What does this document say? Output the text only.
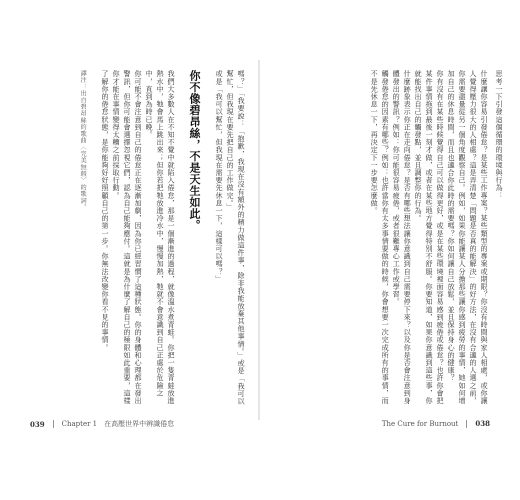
思考一下引發這個循環的環境與行為：

什麼讓你容易引發倦怠？是某些工作專案？某些類型的專案或期限？你沒有時間與家人相處，或你讓人覺得壓力很大的人相處？這是弄清楚「問題是否真的能解決」的好方法，在沒有合適的人選之前，你需要盡量從另一個角度觀察自己。例如，如果你能讓某人分擔那些讓你感到疲勞的事情，她如何增加自己的休息時間，而且也適合你此時的需要嗎？你如何讓自己放鬆，並且保持身心的健康？

你有沒有在某些時候覺得自己可以做得更好，或是在某些環境裡面容易感到疲倦或倦怠？也許你會把某件事情拖到最後一刻才做，或者在某些地方覺得特別不舒服。你要知道，如果你意識到這些事，你就能找出自己的觸發點，並且調整你的行為。

什麼跡象表示你正在走向倦怠？是否有哪些想法讓你意識到自己需要停下來？以及你是否會注意到身體發出的警訊？例如：你可能很容易疲倦，或者很難專心工作或學習。

觸發倦怠的因素有哪些？例如：也許當你有太多事情要做的時候，你會想要一次完成所有的事情，而不是先休息一下，再決定下一步要怎麼做。

嗎？」「我要說：「抱歉，我現在沒有額外的精力做這件事，除非我能放棄其他事情。」或是「我可以幫忙，但我現在要先把自己的工作做完。」

或是「我可以幫忙，但我現在需要先休息一下，這樣可以嗎？」

你不像碧昂絲，不是天生如此。

我們大多數人在不知不覺中就陷入倦怠，那是一個漸進的過程，就像溫水煮青蛙。你把一隻青蛙放進熱水中，牠會馬上跳出來；但你若把牠放進冷水中，慢慢加熱，牠就不會意識到自己正處於危險之中，直到為時已晚。

你可能不會注意到自己的倦怠正在逐漸加劇，因為你已經習慣了這種狀態。你的身體和心理都在發出警訊，但你可能會選擇忽視它們，認為自己能夠應付。這就是為什麼了解自己的極限如此重要，這樣你才能在事情變得太糟之前採取行動。

了解你的倦怠狀態，是你能夠好好照顧自己的第一步。你無法改變你看不見的事情。

譯注：出自碧昂絲的歌曲〈完美無瑕〉的歌詞。

039 Chapter 1　在高壓世界中辨識倦怠	The Cure for Burnout 038
